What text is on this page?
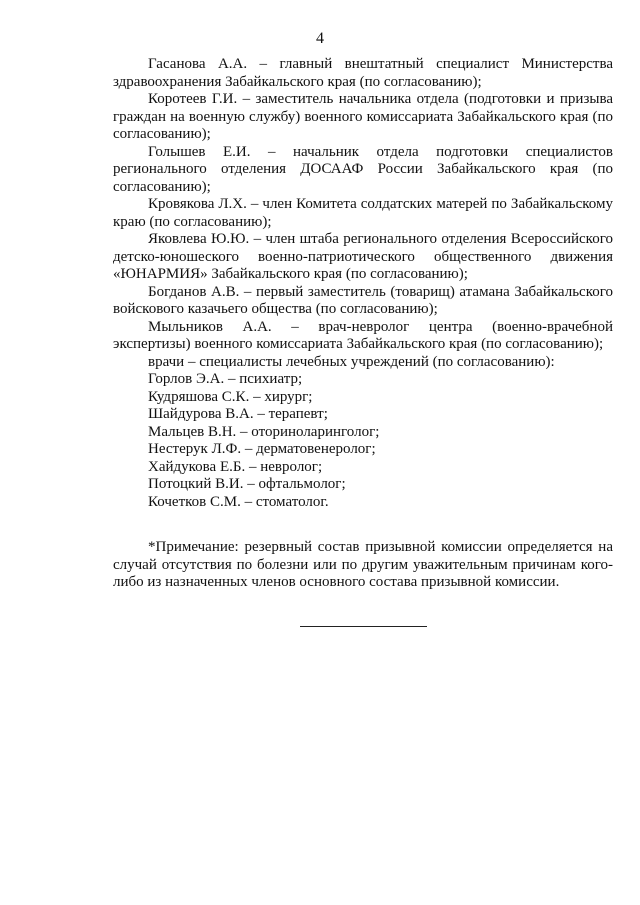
4

Гасанова А.А. – главный внештатный специалист Министерства здравоохранения Забайкальского края (по согласованию);

Коротеев Г.И. – заместитель начальника отдела (подготовки и призыва граждан на военную службу) военного комиссариата Забайкальского края (по согласованию);

Голышев Е.И. – начальник отдела подготовки специалистов регионального отделения ДОСААФ России Забайкальского края (по согласованию);

Кровякова Л.Х. – член Комитета солдатских матерей по Забайкальскому краю (по согласованию);

Яковлева Ю.Ю. – член штаба регионального отделения Всероссийского детско-юношеского военно-патриотического общественного движения «ЮНАРМИЯ» Забайкальского края (по согласованию);

Богданов А.В. – первый заместитель (товарищ) атамана Забайкальского войскового казачьего общества (по согласованию);

Мыльников А.А. – врач-невролог центра (военно-врачебной экспертизы) военного комиссариата Забайкальского края (по согласованию);

врачи – специалисты лечебных учреждений (по согласованию):

Горлов Э.А. – психиатр;

Кудряшова С.К. – хирург;

Шайдурова В.А. – терапевт;

Мальцев В.Н. – оториноларинголог;

Нестерук Л.Ф. – дерматовенеролог;

Хайдукова Е.Б. – невролог;

Потоцкий В.И. – офтальмолог;

Кочетков С.М. – стоматолог.

*Примечание: резервный состав призывной комиссии определяется на случай отсутствия по болезни или по другим уважительным причинам кого-либо из назначенных членов основного состава призывной комиссии.
